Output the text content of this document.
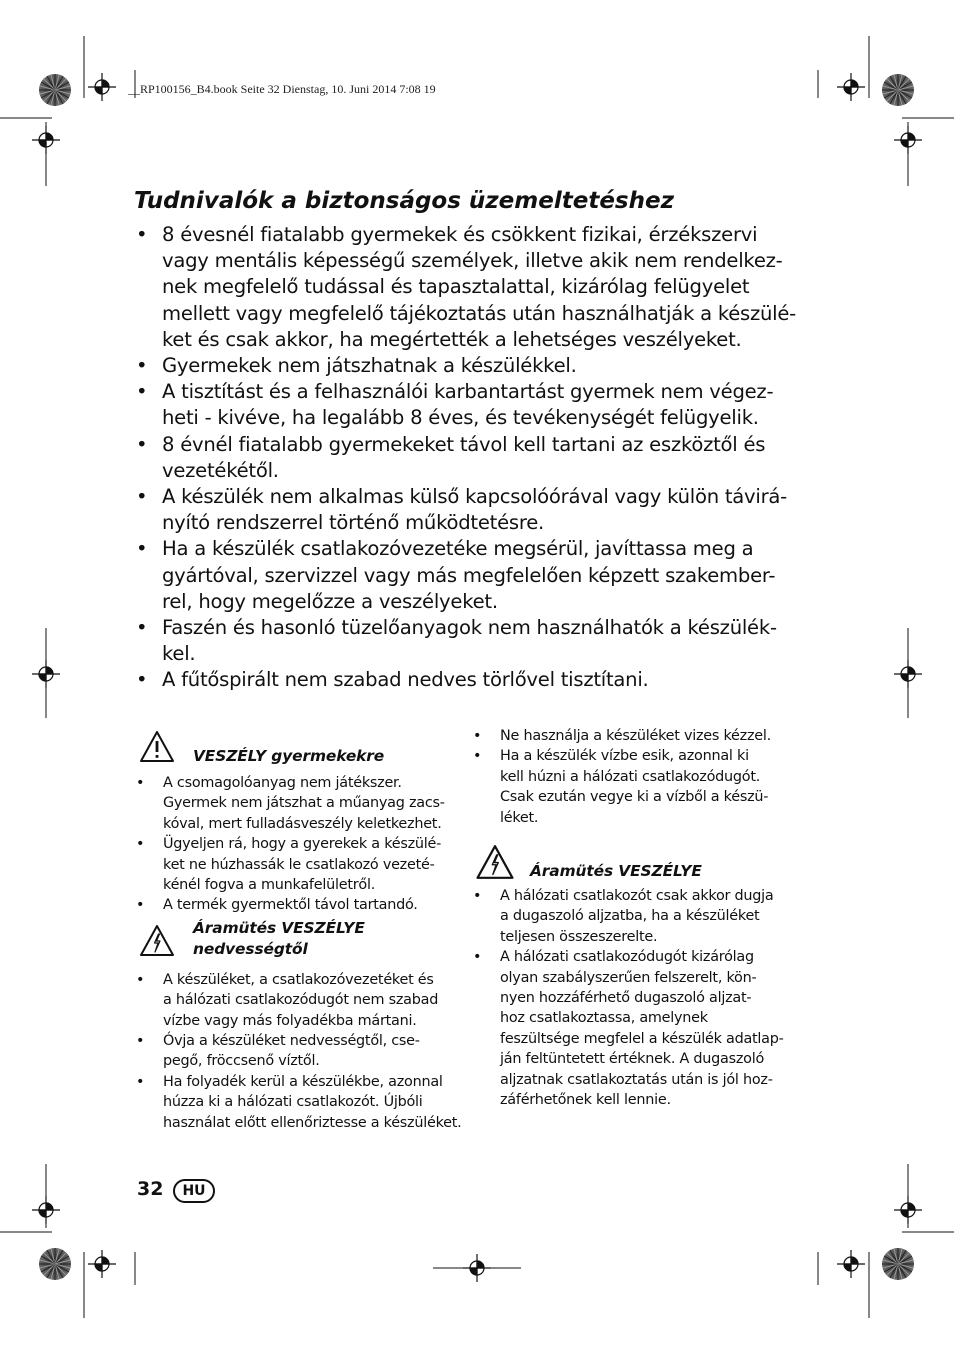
__RP100156_B4.book Seite 32 Dienstag, 10. Juni 2014 7:08 19
Tudnivalók a biztonságos üzemeltetéshez
• 8 évesnél fiatalabb gyermekek és csökkent fizikai, érzékszervi
vagy mentális képességű személyek, illetve akik nem rendelkez-
nek megfelelő tudással és tapasztalattal, kizárólag felügyelet
mellett vagy megfelelő tájékoztatás után használhatják a készülé-
ket és csak akkor, ha megértették a lehetséges veszélyeket.
• Gyermekek nem játszhatnak a készülékkel.
• A tisztítást és a felhasználói karbantartást gyermek nem végez-
heti - kivéve, ha legalább 8 éves, és tevékenységét felügyelik.
• 8 évnél fiatalabb gyermekeket távol kell tartani az eszköztől és
vezetékétől.
• A készülék nem alkalmas külső kapcsolóórával vagy külön távirá-
nyító rendszerrel történő működtetésre.
• Ha a készülék csatlakozóvezetéke megsérül, javíttassa meg a
gyártóval, szervizzel vagy más megfelelően képzett szakember-
rel, hogy megelőzze a veszélyeket.
• Faszén és hasonló tüzelőanyagok nem használhatók a készülék-
kel.
• A fűtőspirált nem szabad nedves törlővel tisztítani.
VESZÉLY gyermekekre
• A csomagolóanyag nem játékszer.
Gyermek nem játszhat a műanyag zacs-
kóval, mert fulladásveszély keletkezhet.
• Ügyeljen rá, hogy a gyerekek a készülé-
ket ne húzhassák le csatlakozó vezeté-
kénél fogva a munkafelületről.
• A termék gyermektől távol tartandó.
Áramütés VESZÉLYE
nedvességtől
• A készüléket, a csatlakozóvezetéket és
a hálózati csatlakozódugót nem szabad
vízbe vagy más folyadékba mártani.
• Óvja a készüléket nedvességtől, cse-
pegő, fröccsenő víztől.
• Ha folyadék kerül a készülékbe, azonnal
húzza ki a hálózati csatlakozót. Újbóli
használat előtt ellenőriztesse a készüléket.
• Ne használja a készüléket vizes kézzel.
• Ha a készülék vízbe esik, azonnal ki
kell húzni a hálózati csatlakozódugót.
Csak ezután vegye ki a vízből a készü-
léket.
Áramütés VESZÉLYE
• A hálózati csatlakozót csak akkor dugja
a dugaszoló aljzatba, ha a készüléket
teljesen összeszerelte.
• A hálózati csatlakozódugót kizárólag
olyan szabályszerűen felszerelt, kön-
nyen hozzáférhető dugaszoló aljzat-
hoz csatlakoztassa, amelynek
feszültsége megfelel a készülék adatlap-
ján feltüntetett értéknek. A dugaszoló
aljzatnak csatlakoztatás után is jól hoz-
záférhetőnek kell lennie.
32	HU
